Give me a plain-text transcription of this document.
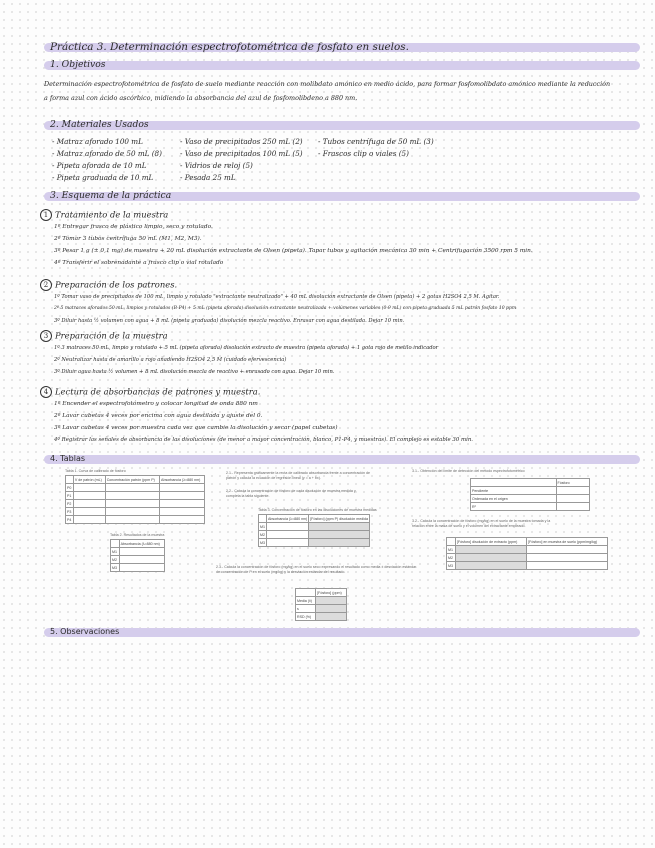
Práctica 3. Determinación espectrofotométrica de fosfato en suelos.
1. Objetivos
Determinación espectrofotométrica de fosfato de suelo mediante reacción con molibdato amónico en medio ácido, para formar fosfomolibdato amónico mediante la reducción
a forma azul con ácido ascórbico, midiendo la absorbancia del azul de fosfomolibdeno a 880 nm.
2. Materiales Usados
- Matraz aforado 100 mL
- Matraz aforado de 50 mL (8)
- Pipeta aforada de 10 mL
- Pipeta graduada de 10 mL
- Vaso de precipitados 250 mL (2)
- Vaso de precipitados 100 mL (5)
- Vidrios de reloj (5)
- Pesada 25 mL
- Tubos centrífuga de 50 mL (3)
- Frascos clip o viales (5)
3. Esquema de la práctica
1 Tratamiento de la muestra
1º Entregar frasco de plástico limpio, seco y rotulado.
2º Tomar 3 tubos centrífuga 50 mL (M1, M2, M3).
3º Pesar 1 g (± 0,1 mg) de muestra + 20 mL disolución extractante de Olsen (pipeta). Tapar tubos y agitación mecánica 30 min + Centrifugación 3500 rpm 5 min.
4º Transferir el sobrenadante a frasco clip o vial rotulado
2 Preparación de los patrones.
1º Tomar vaso de precipitados de 100 mL, limpio y rotulado "extractante neutralizado" + 40 mL disolución extractante de Olsen (pipeta) + 2 gotas H2SO4 2,5 M. Agitar.
2º 5 matraces aforados 50 mL, limpios y rotulados (B-P4) + 5 mL (pipeta aforada) disolución extractante neutralizada + volúmenes variables (0-9 mL) con pipeta graduada 5 mL patrón fosfato 10 ppm
3º Diluir hasta ½ volumen con agua + 8 mL (pipeta graduada) disolución mezcla reactivo. Enrasar con agua destilada. Dejar 10 min.
3 Preparación de la muestra
1º 3 matraces 50 mL, limpio y rotulado + 5 mL (pipeta aforada) disolución extracto de muestra (pipeta aforada) + 1 gota rojo de metilo indicador
2º Neutralizar hasta de amarillo a rojo añadiendo H2SO4 2,5 M (cuidado efervescencia)
3º Diluir agua hasta ½ volumen + 8 mL disolución mezcla de reactivo + enrasado con agua. Dejar 10 min.
4 Lectura de absorbancias de patrones y muestra.
1º Encender el espectrofotómetro y colocar longitud de onda 880 nm
2º Lavar cubetas 4 veces por encima con agua destilada y ajuste del 0.
3º Lavar cubetas 4 veces por muestra cada vez que cambie la disolución y secar (papel cubetas)
4º Registrar las señales de absorbancia de las disoluciones (de menor a mayor concentración, blanco, P1-P4, y muestras). El complejo es estable 30 min.
4. Tablas
Tabla 1. Curva de calibrado de fósforo
	V de patrón (mL)	Concentración patrón (ppm P)	Absorbancia (λ=880 nm)
P0			
P1			
P2			
P3			
P4			
Tabla 2. Resultados de la muestra
	Absorbancia (λ=880 nm)
M1	
M2	
M3	
2.1.- Representa gráficamente la recta de calibrado absorbancia frente a concentración de
patrón y calcula la ecuación de regresión lineal (y = a + bx).
2.2.- Calcula la concentración de fósforo de cada disolución de muestra medida y
completa la tabla siguiente.
Tabla 3. Concentración de fósforo en las disoluciones de muestra medidas
	Absorbancia (λ=880 nm)	[Fósforo] (ppm P) disolución medida
M1		
M2		
M3		
2.3.- Calcula la concentración de fósforo (mg/kg) en el suelo seco expresando el resultado como media ± desviación estándar.
de concentración de P en el suelo (mg/kg) y la desviación estándar del resultado.
	[Fósforo] (ppm)
Media (x̄)	
s	
RSD (%)	
3.1.- Obtención del límite de detección del método espectrofotométrico
	Fósforo
Pendiente	
Ordenada en el origen	
R²	
3.2.- Calcula la concentración de fósforo (mg/kg) en el suelo de la muestra tomada y la
relación entre la masa de suelo y el volumen del extractante empleado.
	[Fósforo] disolución de extracto (ppm)	[Fósforo] en muestra de suelo (ppm/mg/kg)
M1		
M2		
M3		
5. Observaciones
